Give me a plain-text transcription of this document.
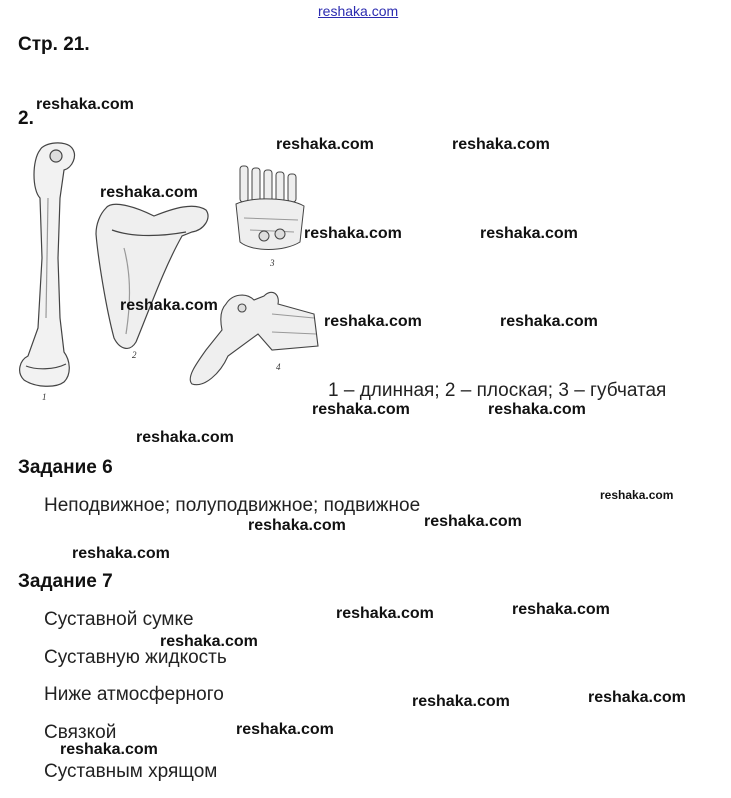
reshaka.com
Стр. 21.
2.
1
2
3
4
1 – длинная; 2 – плоская; 3 – губчатая
Задание 6
Неподвижное; полуподвижное; подвижное
Задание 7
Суставной сумке
Суставную жидкость
Ниже атмосферного
Связкой
Суставным хрящом
reshaka.com
reshaka.com	reshaka.com
reshaka.com
reshaka.com	reshaka.com
reshaka.com
reshaka.com	reshaka.com
reshaka.com	reshaka.com
reshaka.com
reshaka.com
reshaka.com
reshaka.com
reshaka.com
reshaka.com
reshaka.com
reshaka.com
reshaka.com
reshaka.com
reshaka.com
reshaka.com
